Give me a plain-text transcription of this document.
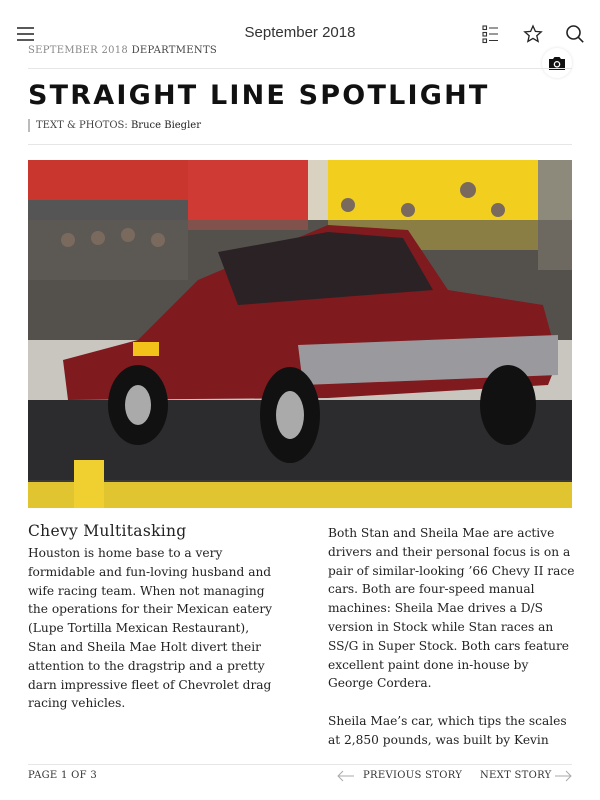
September 2018
SEPTEMBER 2018 DEPARTMENTS
STRAIGHT LINE SPOTLIGHT
TEXT & PHOTOS: Bruce Biegler
Chevy Multitasking

Houston is home base to a very formidable and fun-loving husband and wife racing team. When not managing the operations for their Mexican eatery (Lupe Tortilla Mexican Restaurant), Stan and Sheila Mae Holt divert their attention to the dragstrip and a pretty darn impressive fleet of Chevrolet drag racing vehicles.

Both Stan and Sheila Mae are active drivers and their personal focus is on a pair of similar-looking ’66 Chevy II race cars. Both are four-speed manual machines: Sheila Mae drives a D/S version in Stock while Stan races an SS/G in Super Stock. Both cars feature excellent paint done in-house by George Cordera.

Sheila Mae’s car, which tips the scales at 2,850 pounds, was built by Kevin

PAGE 1 OF 3	PREVIOUS STORY NEXT STORY
